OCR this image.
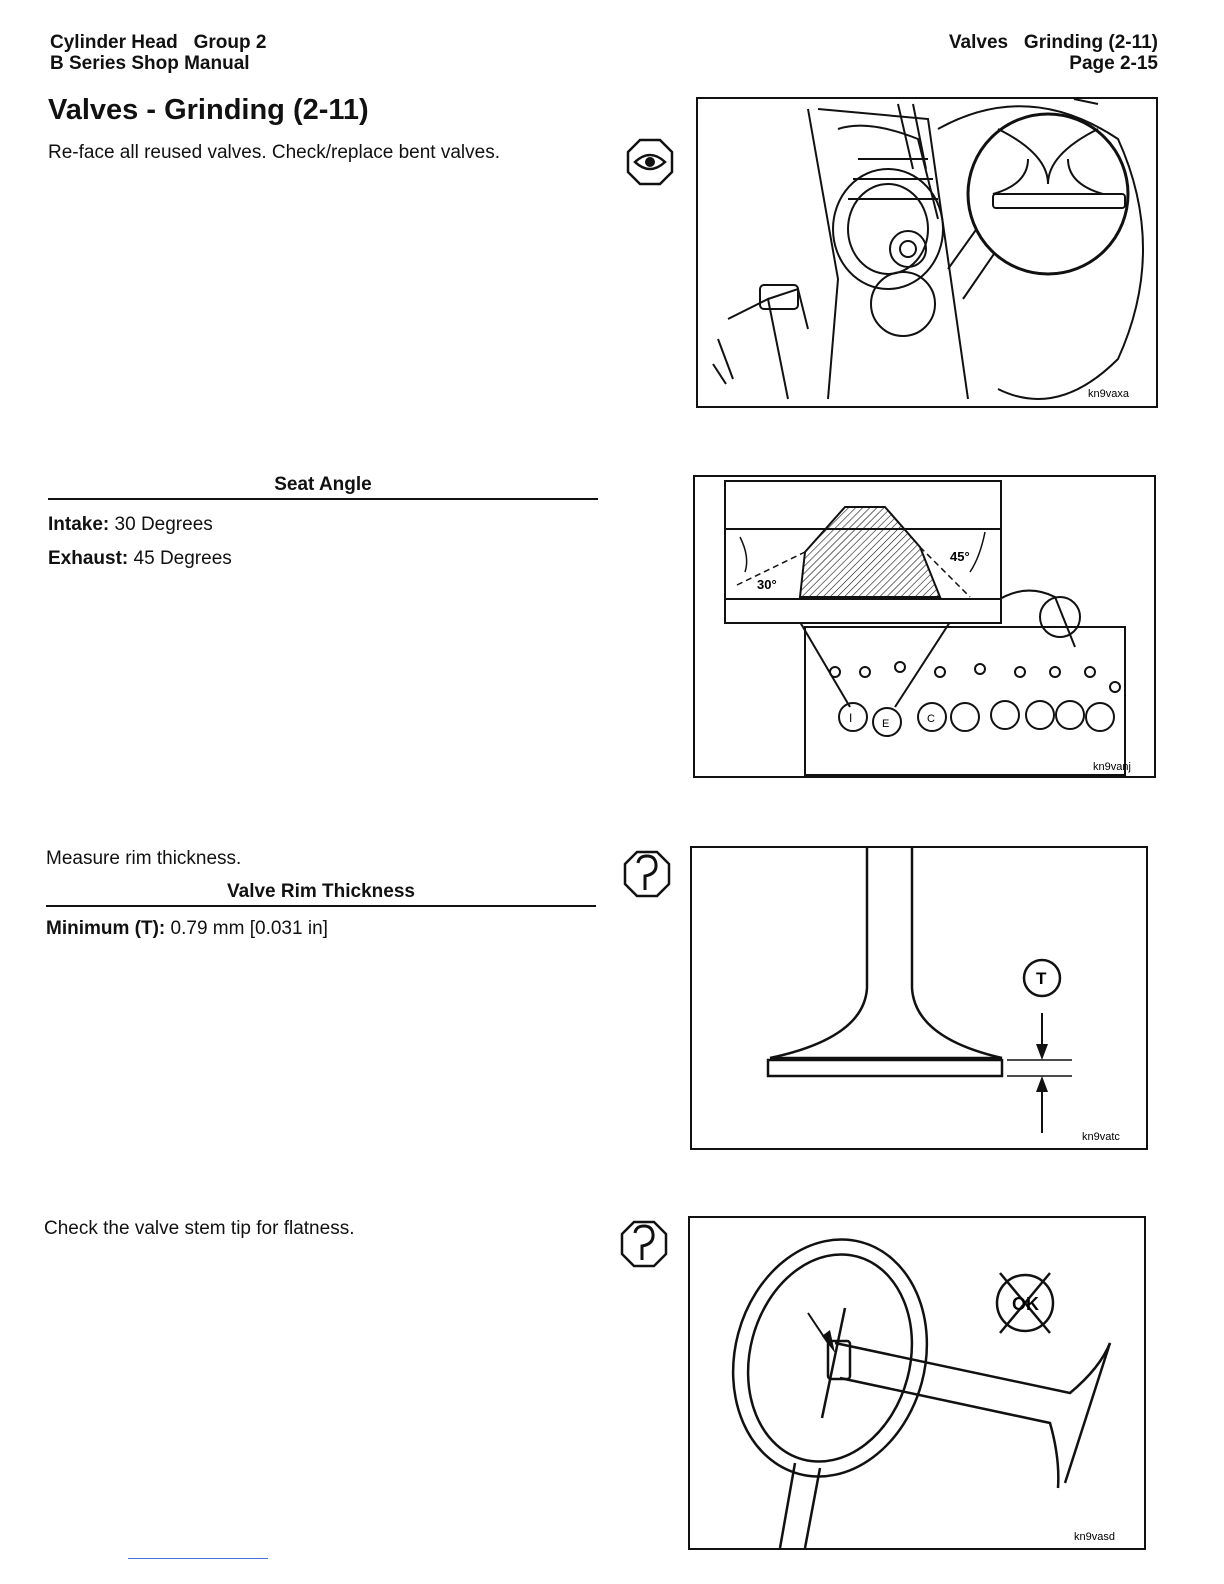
Cylinder Head   Group 2
B Series Shop Manual
Valves   Grinding (2-11)
Page 2-15
Valves - Grinding (2-11)
Re-face all reused valves. Check/replace bent valves.
Seat Angle
Intake: 30 Degrees
Exhaust: 45 Degrees
Measure rim thickness.
Valve Rim Thickness
Minimum (T): 0.79 mm [0.031 in]
Check the valve stem tip for flatness.
kn9vaxa
30°
45°
I	E	C
kn9vanj
T
kn9vatc
OK
kn9vasd
